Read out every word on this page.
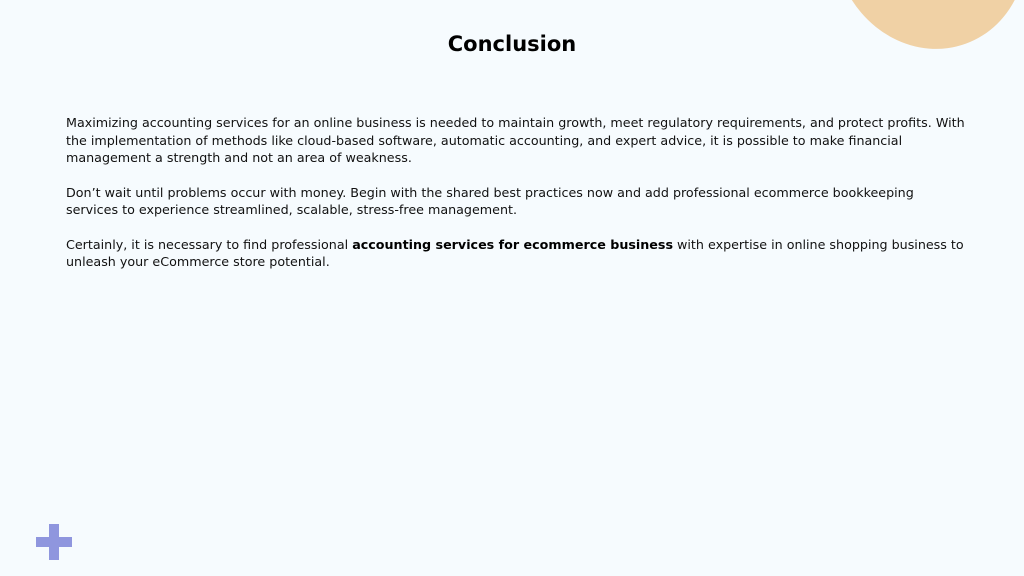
Conclusion

Maximizing accounting services for an online business is needed to maintain growth, meet regulatory requirements, and protect profits. With the implementation of methods like cloud-based software, automatic accounting, and expert advice, it is possible to make financial management a strength and not an area of weakness.

Don’t wait until problems occur with money. Begin with the shared best practices now and add professional ecommerce bookkeeping services to experience streamlined, scalable, stress-free management.

Certainly, it is necessary to find professional accounting services for ecommerce business with expertise in online shopping business to unleash your eCommerce store potential.
